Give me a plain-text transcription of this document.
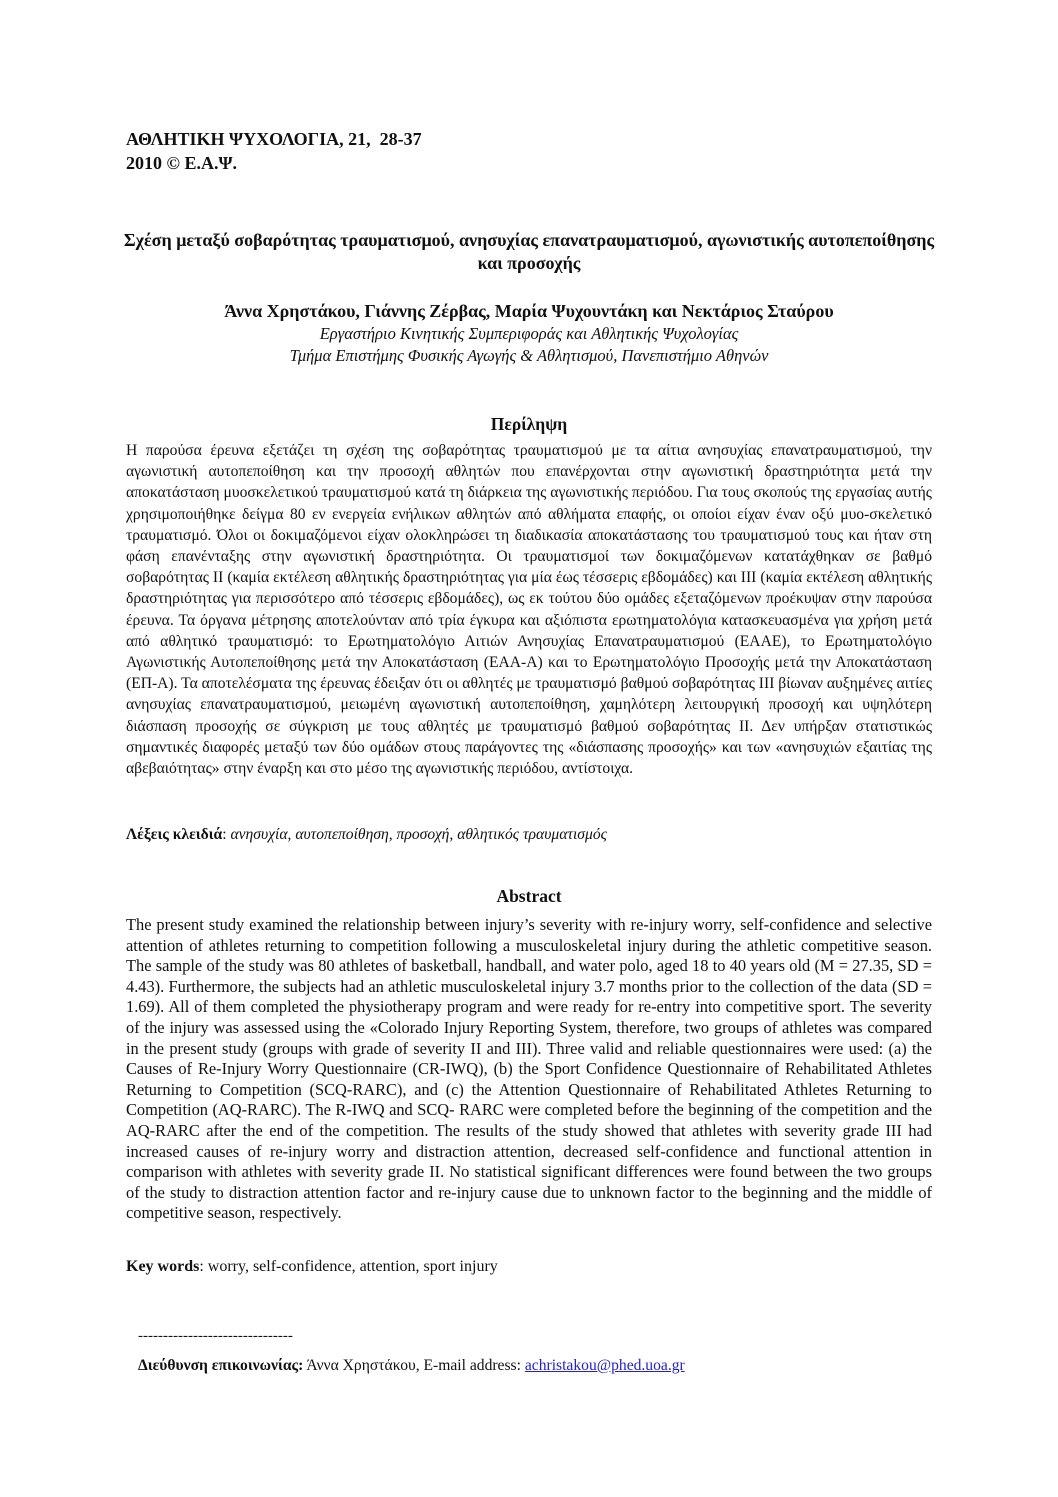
ΑΘΛΗΤΙΚΗ ΨΥΧΟΛΟΓΙΑ, 21,  28-37
2010 © Ε.Α.Ψ.
Σχέση μεταξύ σοβαρότητας τραυματισμού, ανησυχίας επανατραυματισμού, αγωνιστικής αυτοπεποίθησης και προσοχής
Άννα Χρηστάκου, Γιάννης Ζέρβας, Μαρία Ψυχουντάκη και Νεκτάριος Σταύρου
Εργαστήριο Κινητικής Συμπεριφοράς και Αθλητικής Ψυχολογίας
Τμήμα Επιστήμης Φυσικής Αγωγής & Αθλητισμού, Πανεπιστήμιο Αθηνών
Περίληψη
Η παρούσα έρευνα εξετάζει τη σχέση της σοβαρότητας τραυματισμού με τα αίτια ανησυχίας επανατραυματισμού, την αγωνιστική αυτοπεποίθηση και την προσοχή αθλητών που επανέρχονται στην αγωνιστική δραστηριότητα μετά την αποκατάσταση μυοσκελετικού τραυματισμού κατά τη διάρκεια της αγωνιστικής περιόδου. Για τους σκοπούς της εργασίας αυτής χρησιμοποιήθηκε δείγμα 80 εν ενεργεία ενήλικων αθλητών από αθλήματα επαφής, οι οποίοι είχαν έναν οξύ μυο-σκελετικό τραυματισμό. Όλοι οι δοκιμαζόμενοι είχαν ολοκληρώσει τη διαδικασία αποκατάστασης του τραυματισμού τους και ήταν στη φάση επανένταξης στην αγωνιστική δραστηριότητα. Οι τραυματισμοί των δοκιμαζόμενων κατατάχθηκαν σε βαθμό σοβαρότητας ΙΙ (καμία εκτέλεση αθλητικής δραστηριότητας για μία έως τέσσερις εβδομάδες) και ΙΙΙ (καμία εκτέλεση αθλητικής δραστηριότητας για περισσότερο από τέσσερις εβδομάδες), ως εκ τούτου δύο ομάδες εξεταζόμενων προέκυψαν στην παρούσα έρευνα. Τα όργανα μέτρησης αποτελούνταν από τρία έγκυρα και αξιόπιστα ερωτηματολόγια κατασκευασμένα για χρήση μετά από αθλητικό τραυματισμό: το Ερωτηματολόγιο Αιτιών Ανησυχίας Επανατραυματισμού (ΕΑΑΕ), το Ερωτηματολόγιο Αγωνιστικής Αυτοπεποίθησης μετά την Αποκατάσταση (ΕΑΑ-Α) και το Ερωτηματολόγιο Προσοχής μετά την Αποκατάσταση (ΕΠ-Α). Τα αποτελέσματα της έρευνας έδειξαν ότι οι αθλητές με τραυματισμό βαθμού σοβαρότητας ΙΙΙ βίωναν αυξημένες αιτίες ανησυχίας επανατραυματισμού, μειωμένη αγωνιστική αυτοπεποίθηση, χαμηλότερη λειτουργική προσοχή και υψηλότερη διάσπαση προσοχής σε σύγκριση με τους αθλητές με τραυματισμό βαθμού σοβαρότητας ΙΙ. Δεν υπήρξαν στατιστικώς σημαντικές διαφορές μεταξύ των δύο ομάδων στους παράγοντες της «διάσπασης προσοχής» και των «ανησυχιών εξαιτίας της αβεβαιότητας» στην έναρξη και στο μέσο της αγωνιστικής περιόδου, αντίστοιχα.
Λέξεις κλειδιά: ανησυχία, αυτοπεποίθηση, προσοχή, αθλητικός τραυματισμός
Abstract
The present study examined the relationship between injury’s severity with re-injury worry, self-confidence and selective attention of athletes returning to competition following a musculoskeletal injury during the athletic competitive season. The sample of the study was 80 athletes of basketball, handball, and water polo, aged 18 to 40 years old (M = 27.35, SD = 4.43). Furthermore, the subjects had an athletic musculoskeletal injury 3.7 months prior to the collection of the data (SD = 1.69). All of them completed the physiotherapy program and were ready for re-entry into competitive sport. The severity of the injury was assessed using the «Colorado Injury Reporting System, therefore, two groups of athletes was compared in the present study (groups with grade of severity II and III). Three valid and reliable questionnaires were used: (a) the Causes of Re-Injury Worry Questionnaire (CR-IWQ), (b) the Sport Confidence Questionnaire of Rehabilitated Athletes Returning to Competition (SCQ-RARC), and (c) the Attention Questionnaire of Rehabilitated Athletes Returning to Competition (AQ-RARC). The R-IWQ and SCQ- RARC were completed before the beginning of the competition and the AQ-RARC after the end of the competition. The results of the study showed that athletes with severity grade III had increased causes of re-injury worry and distraction attention, decreased self-confidence and functional attention in comparison with athletes with severity grade II. No statistical significant differences were found between the two groups of the study to distraction attention factor and re-injury cause due to unknown factor to the beginning and the middle of competitive season, respectively.
Key words: worry, self-confidence, attention, sport injury
-------------------------------
Διεύθυνση επικοινωνίας: Άννα Χρηστάκου, E-mail address: achristakou@phed.uoa.gr
